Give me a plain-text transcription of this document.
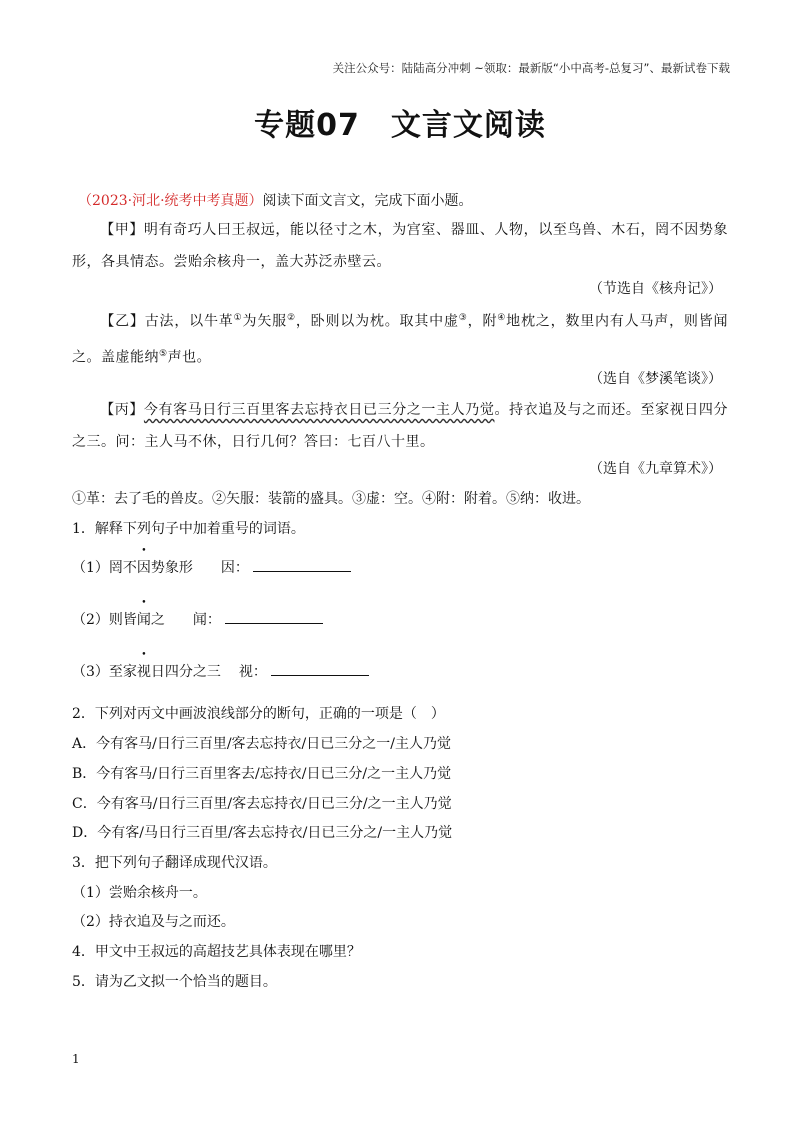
关注公众号：陆陆高分冲刺 ~领取：最新版“小中高考-总复习”、最新试卷下载
专题07　文言文阅读
（2023·河北·统考中考真题）阅读下面文言文，完成下面小题。
【甲】明有奇巧人曰王叔远，能以径寸之木，为宫室、器皿、人物，以至鸟兽、木石，罔不因势象形，各具情态。尝贻余核舟一，盖大苏泛赤壁云。
（节选自《核舟记》）
【乙】古法，以牛革①为矢服②，卧则以为枕。取其中虚③，附④地枕之，数里内有人马声，则皆闻之。盖虚能纳⑤声也。
（选自《梦溪笔谈》）
【丙】今有客马日行三百里客去忘持衣日已三分之一主人乃觉。持衣追及与之而还。至家视日四分之三。问：主人马不休，日行几何？答曰：七百八十里。
（选自《九章算术》）
①革：去了毛的兽皮。②矢服：装箭的盛具。③虚：空。④附：附着。⑤纳：收进。
1．解释下列句子中加着重号的词语。
（1）罔不因势象形 因：
（2）则皆闻之 闻：
（3）至家视日四分之三 视：
2．下列对丙文中画波浪线部分的断句，正确的一项是（　）
A．今有客马/日行三百里/客去忘持衣/日已三分之一/主人乃觉
B．今有客马/日行三百里客去/忘持衣/日已三分/之一主人乃觉
C．今有客马/日行三百里/客去忘持衣/日已三分/之一主人乃觉
D．今有客/马日行三百里/客去忘持衣/日已三分之/一主人乃觉
3．把下列句子翻译成现代汉语。
（1）尝贻余核舟一。
（2）持衣追及与之而还。
4．甲文中王叔远的高超技艺具体表现在哪里？
5．请为乙文拟一个恰当的题目。
1
